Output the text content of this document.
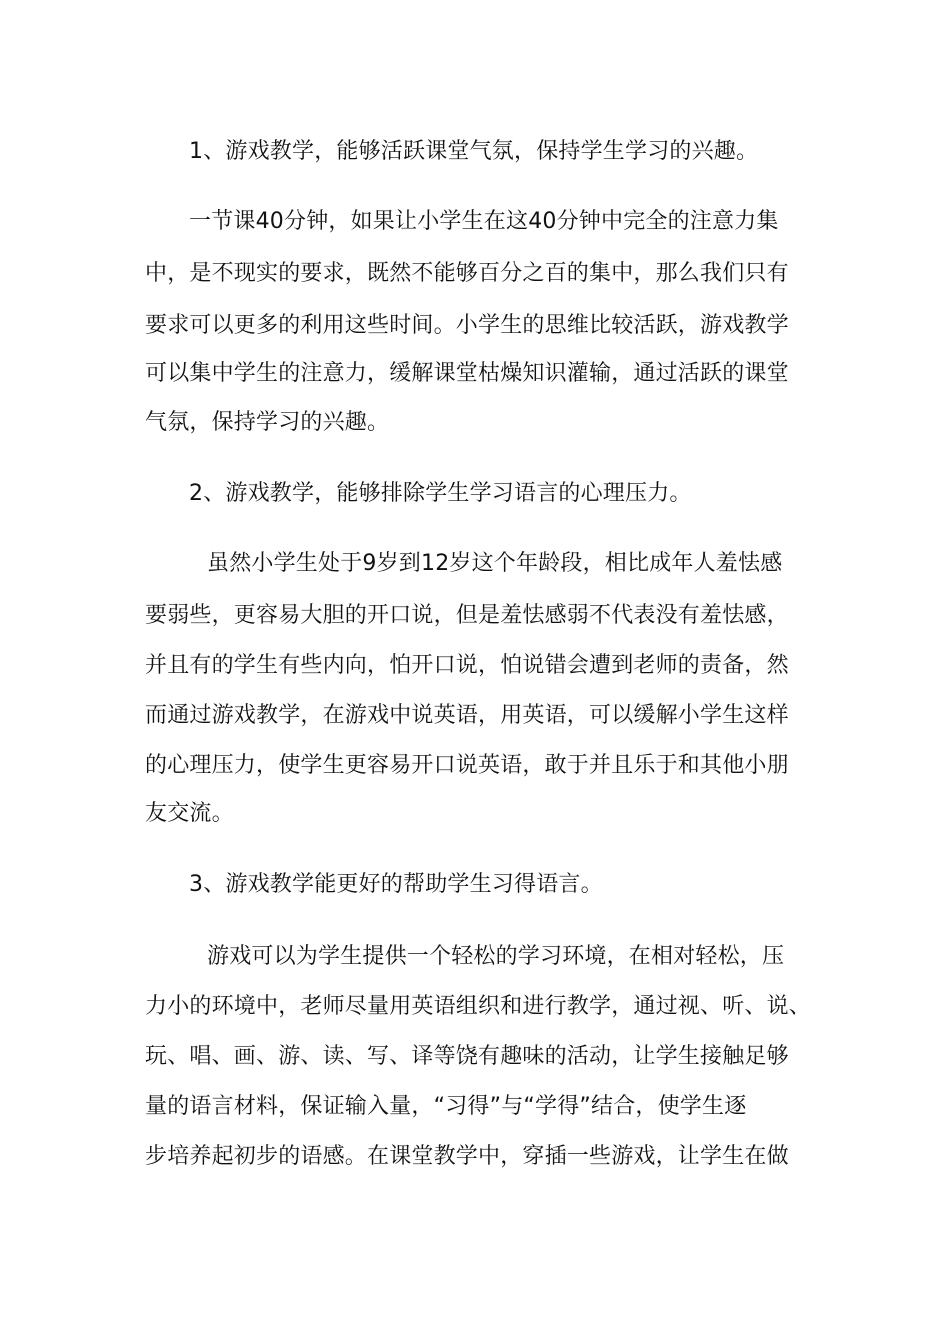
1、游戏教学，能够活跃课堂气氛，保持学生学习的兴趣。
一节课40分钟，如果让小学生在这40分钟中完全的注意力集
中，是不现实的要求，既然不能够百分之百的集中，那么我们只有
要求可以更多的利用这些时间。小学生的思维比较活跃，游戏教学
可以集中学生的注意力，缓解课堂枯燥知识灌输，通过活跃的课堂
气氛，保持学习的兴趣。
2、游戏教学，能够排除学生学习语言的心理压力。
虽然小学生处于9岁到12岁这个年龄段，相比成年人羞怯感
要弱些，更容易大胆的开口说，但是羞怯感弱不代表没有羞怯感，
并且有的学生有些内向，怕开口说，怕说错会遭到老师的责备，然
而通过游戏教学，在游戏中说英语，用英语，可以缓解小学生这样
的心理压力，使学生更容易开口说英语，敢于并且乐于和其他小朋
友交流。
3、游戏教学能更好的帮助学生习得语言。
游戏可以为学生提供一个轻松的学习环境，在相对轻松，压
力小的环境中，老师尽量用英语组织和进行教学，通过视、听、说、
玩、唱、画、游、读、写、译等饶有趣味的活动，让学生接触足够
量的语言材料，保证输入量，“习得”与“学得”结合，使学生逐
步培养起初步的语感。在课堂教学中，穿插一些游戏，让学生在做
